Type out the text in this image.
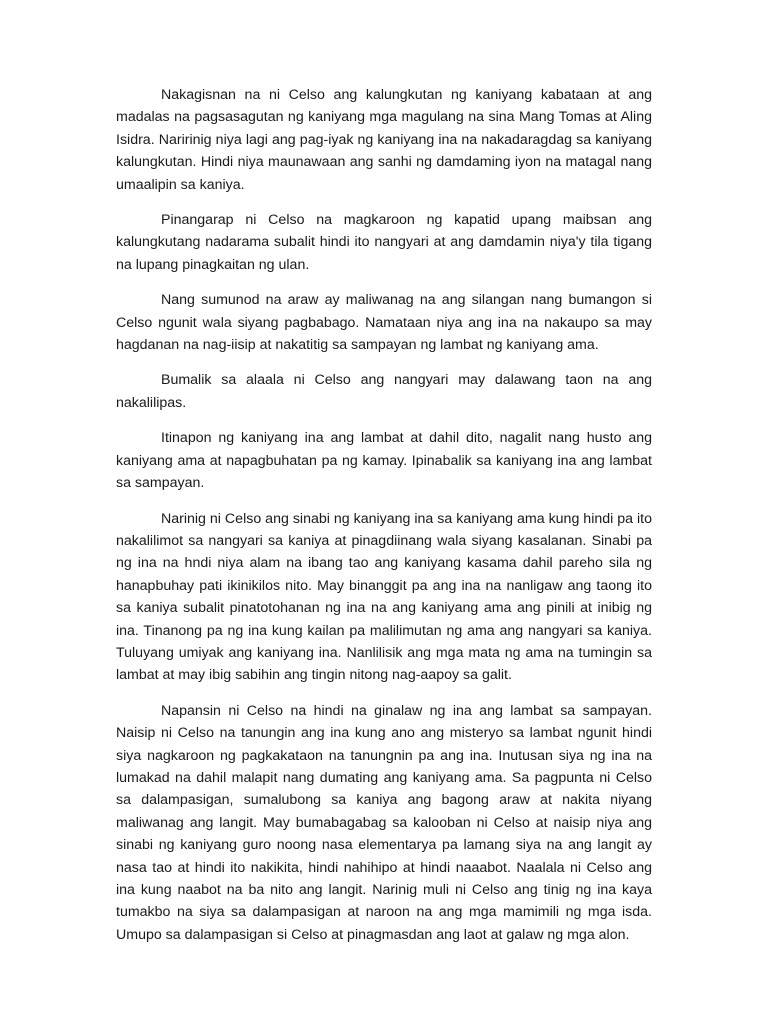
Nakagisnan na ni Celso ang kalungkutan ng kaniyang kabataan at ang madalas na pagsasagutan ng kaniyang mga magulang na sina Mang Tomas at Aling Isidra. Naririnig niya lagi ang pag-iyak ng kaniyang ina na nakadaragdag sa kaniyang kalungkutan. Hindi niya maunawaan ang sanhi ng damdaming iyon na matagal nang umaalipin sa kaniya.

Pinangarap ni Celso na magkaroon ng kapatid upang maibsan ang kalungkutang nadarama subalit hindi ito nangyari at ang damdamin niya'y tila tigang na lupang pinagkaitan ng ulan.

Nang sumunod na araw ay maliwanag na ang silangan nang bumangon si Celso ngunit wala siyang pagbabago. Namataan niya ang ina na nakaupo sa may hagdanan na nag-iisip at nakatitig sa sampayan ng lambat ng kaniyang ama.

Bumalik sa alaala ni Celso ang nangyari may dalawang taon na ang nakalilipas.

Itinapon ng kaniyang ina ang lambat at dahil dito, nagalit nang husto ang kaniyang ama at napagbuhatan pa ng kamay. Ipinabalik sa kaniyang ina ang lambat sa sampayan.

Narinig ni Celso ang sinabi ng kaniyang ina sa kaniyang ama kung hindi pa ito nakalilimot sa nangyari sa kaniya at pinagdiinang wala siyang kasalanan. Sinabi pa ng ina na hndi niya alam na ibang tao ang kaniyang kasama dahil pareho sila ng hanapbuhay pati ikinikilos nito. May binanggit pa ang ina na nanligaw ang taong ito sa kaniya subalit pinatotohanan ng ina na ang kaniyang ama ang pinili at inibig ng ina. Tinanong pa ng ina kung kailan pa malilimutan ng ama ang nangyari sa kaniya. Tuluyang umiyak ang kaniyang ina. Nanlilisik ang mga mata ng ama na tumingin sa lambat at may ibig sabihin ang tingin nitong nag-aapoy sa galit.

Napansin ni Celso na hindi na ginalaw ng ina ang lambat sa sampayan. Naisip ni Celso na tanungin ang ina kung ano ang misteryo sa lambat ngunit hindi siya nagkaroon ng pagkakataon na tanungnin pa ang ina. Inutusan siya ng ina na lumakad na dahil malapit nang dumating ang kaniyang ama. Sa pagpunta ni Celso sa dalampasigan, sumalubong sa kaniya ang bagong araw at nakita niyang maliwanag ang langit. May bumabagabag sa kalooban ni Celso at naisip niya ang sinabi ng kaniyang guro noong nasa elementarya pa lamang siya na ang langit ay nasa tao at hindi ito nakikita, hindi nahihipo at hindi naaabot. Naalala ni Celso ang ina kung naabot na ba nito ang langit. Narinig muli ni Celso ang tinig ng ina kaya tumakbo na siya sa dalampasigan at naroon na ang mga mamimili ng mga isda. Umupo sa dalampasigan si Celso at pinagmasdan ang laot at galaw ng mga alon.
